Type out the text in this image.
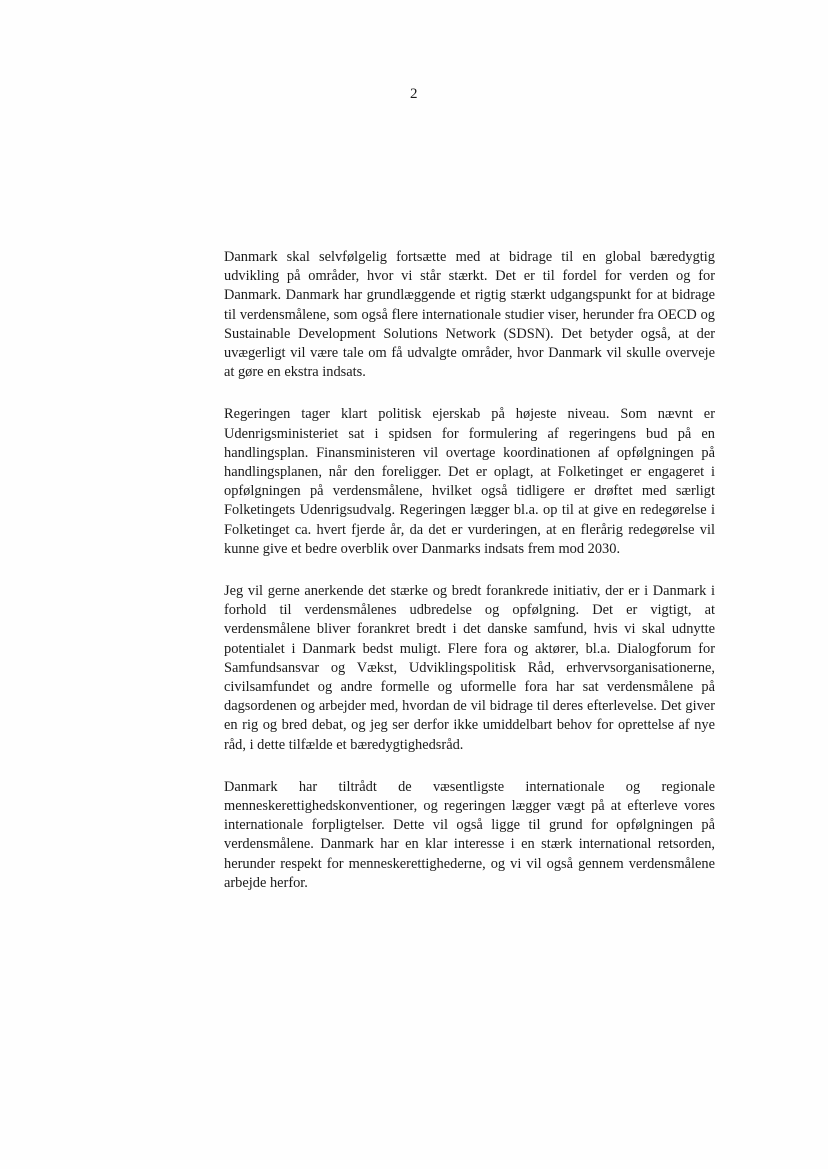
2

Danmark skal selvfølgelig fortsætte med at bidrage til en global bæredygtig udvikling på områder, hvor vi står stærkt. Det er til fordel for verden og for Danmark. Danmark har grundlæggende et rigtig stærkt udgangspunkt for at bidrage til verdensmålene, som også flere internationale studier viser, herunder fra OECD og Sustainable Development Solutions Network (SDSN). Det betyder også, at der uvægerligt vil være tale om få udvalgte områder, hvor Danmark vil skulle overveje at gøre en ekstra indsats.

Regeringen tager klart politisk ejerskab på højeste niveau. Som nævnt er Udenrigsministeriet sat i spidsen for formulering af regeringens bud på en handlingsplan. Finansministeren vil overtage koordinationen af opfølgningen på handlingsplanen, når den foreligger. Det er oplagt, at Folketinget er engageret i opfølgningen på verdensmålene, hvilket også tidligere er drøftet med særligt Folketingets Udenrigsudvalg. Regeringen lægger bl.a. op til at give en redegørelse i Folketinget ca. hvert fjerde år, da det er vurderingen, at en flerårig redegørelse vil kunne give et bedre overblik over Danmarks indsats frem mod 2030.

Jeg vil gerne anerkende det stærke og bredt forankrede initiativ, der er i Danmark i forhold til verdensmålenes udbredelse og opfølgning. Det er vigtigt, at verdensmålene bliver forankret bredt i det danske samfund, hvis vi skal udnytte potentialet i Danmark bedst muligt. Flere fora og aktører, bl.a. Dialogforum for Samfundsansvar og Vækst, Udviklingspolitisk Råd, erhvervsorganisationerne, civilsamfundet og andre formelle og uformelle fora har sat verdensmålene på dagsordenen og arbejder med, hvordan de vil bidrage til deres efterlevelse. Det giver en rig og bred debat, og jeg ser derfor ikke umiddelbart behov for oprettelse af nye råd, i dette tilfælde et bæredygtighedsråd.

Danmark har tiltrådt de væsentligste internationale og regionale menneskerettighedskonventioner, og regeringen lægger vægt på at efterleve vores internationale forpligtelser. Dette vil også ligge til grund for opfølgningen på verdensmålene. Danmark har en klar interesse i en stærk international retsorden, herunder respekt for menneskerettighederne, og vi vil også gennem verdensmålene arbejde herfor.
